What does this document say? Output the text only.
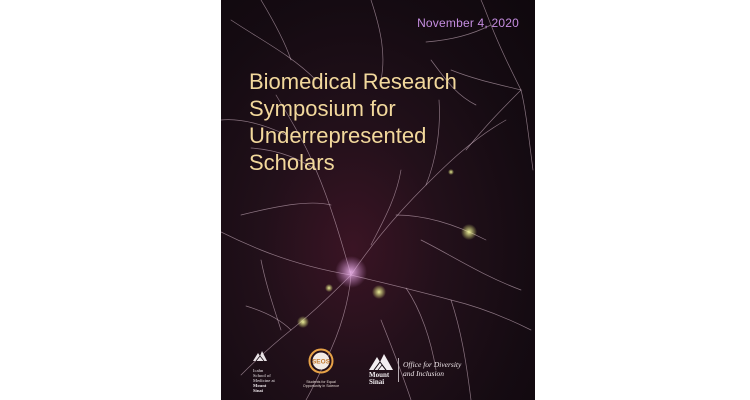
November 4, 2020
Biomedical Research
Symposium for
Underrepresented
Scholars
Icahn
School of
Medicine at
Mount
Sinai
SEOS
Students for Equal
Opportunity in Science
Mount
Sinai
Office for Diversity
and Inclusion
